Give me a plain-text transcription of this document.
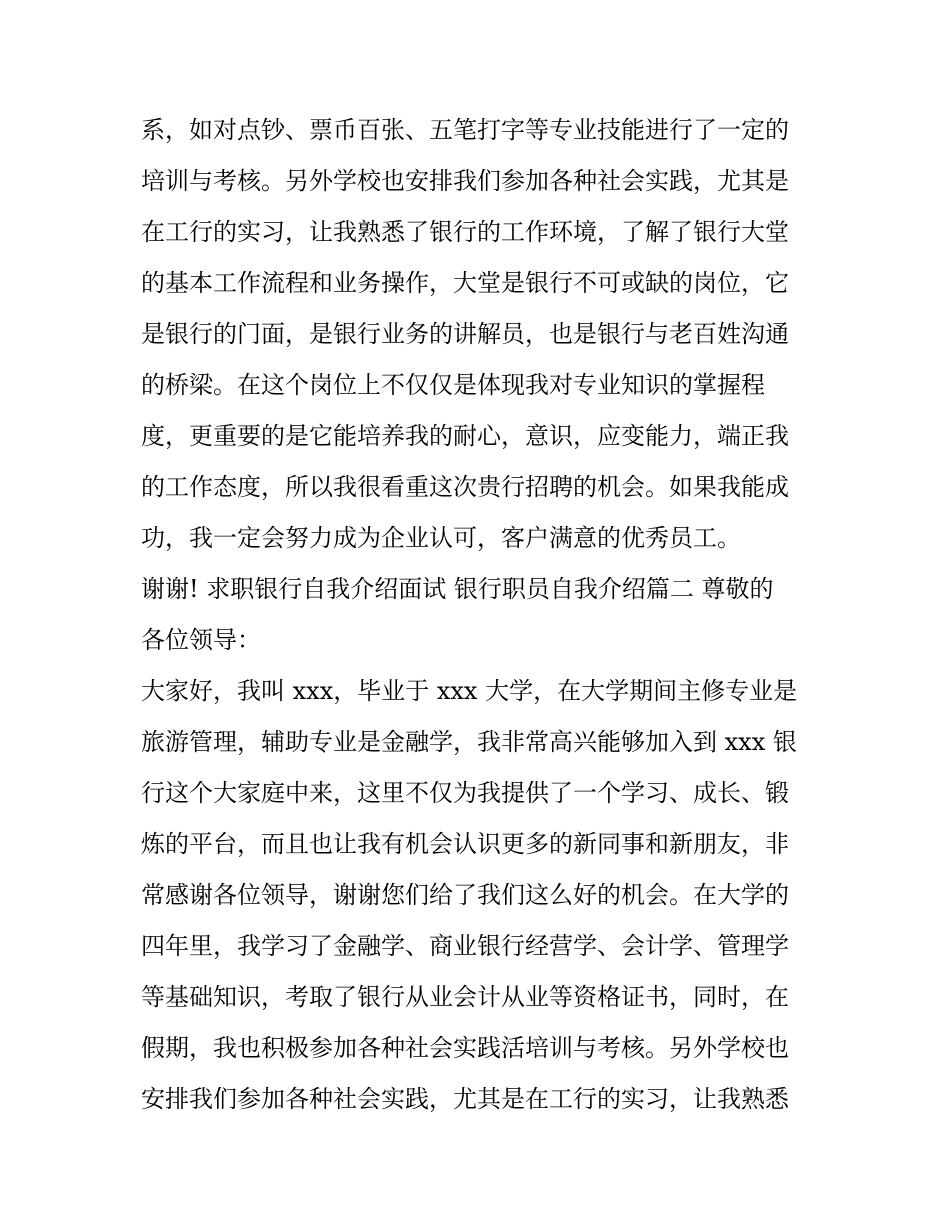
系，如对点钞、票币百张、五笔打字等专业技能进行了一定的
培训与考核。另外学校也安排我们参加各种社会实践，尤其是
在工行的实习，让我熟悉了银行的工作环境，了解了银行大堂
的基本工作流程和业务操作，大堂是银行不可或缺的岗位，它
是银行的门面，是银行业务的讲解员，也是银行与老百姓沟通
的桥梁。在这个岗位上不仅仅是体现我对专业知识的掌握程
度，更重要的是它能培养我的耐心，意识，应变能力，端正我
的工作态度，所以我很看重这次贵行招聘的机会。如果我能成
功，我一定会努力成为企业认可，客户满意的优秀员工。
谢谢! 求职银行自我介绍面试 银行职员自我介绍篇二 尊敬的
各位领导：
大家好，我叫 xxx，毕业于 xxx 大学，在大学期间主修专业是
旅游管理，辅助专业是金融学，我非常高兴能够加入到 xxx 银
行这个大家庭中来，这里不仅为我提供了一个学习、成长、锻
炼的平台，而且也让我有机会认识更多的新同事和新朋友，非
常感谢各位领导，谢谢您们给了我们这么好的机会。在大学的
四年里，我学习了金融学、商业银行经营学、会计学、管理学
等基础知识，考取了银行从业会计从业等资格证书，同时，在
假期，我也积极参加各种社会实践活培训与考核。另外学校也
安排我们参加各种社会实践，尤其是在工行的实习，让我熟悉
